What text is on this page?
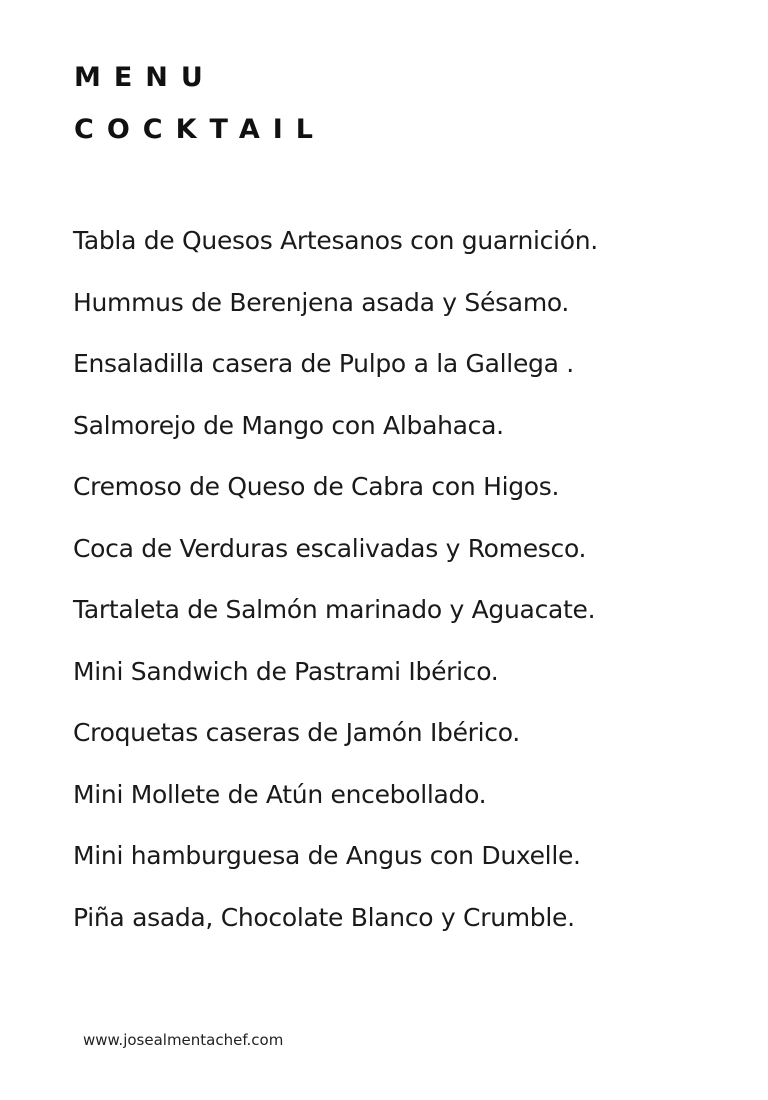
MENU
COCKTAIL
Tabla de Quesos Artesanos con guarnición.
Hummus de Berenjena asada y Sésamo.
Ensaladilla casera de Pulpo a la Gallega .
Salmorejo de Mango con Albahaca.
Cremoso de Queso de Cabra con Higos.
Coca de Verduras escalivadas y Romesco.
Tartaleta de Salmón marinado y Aguacate.
Mini Sandwich de Pastrami Ibérico.
Croquetas caseras de Jamón Ibérico.
Mini Mollete de Atún encebollado.
Mini hamburguesa de Angus con Duxelle.
Piña asada, Chocolate Blanco y Crumble.
www.josealmentachef.com
